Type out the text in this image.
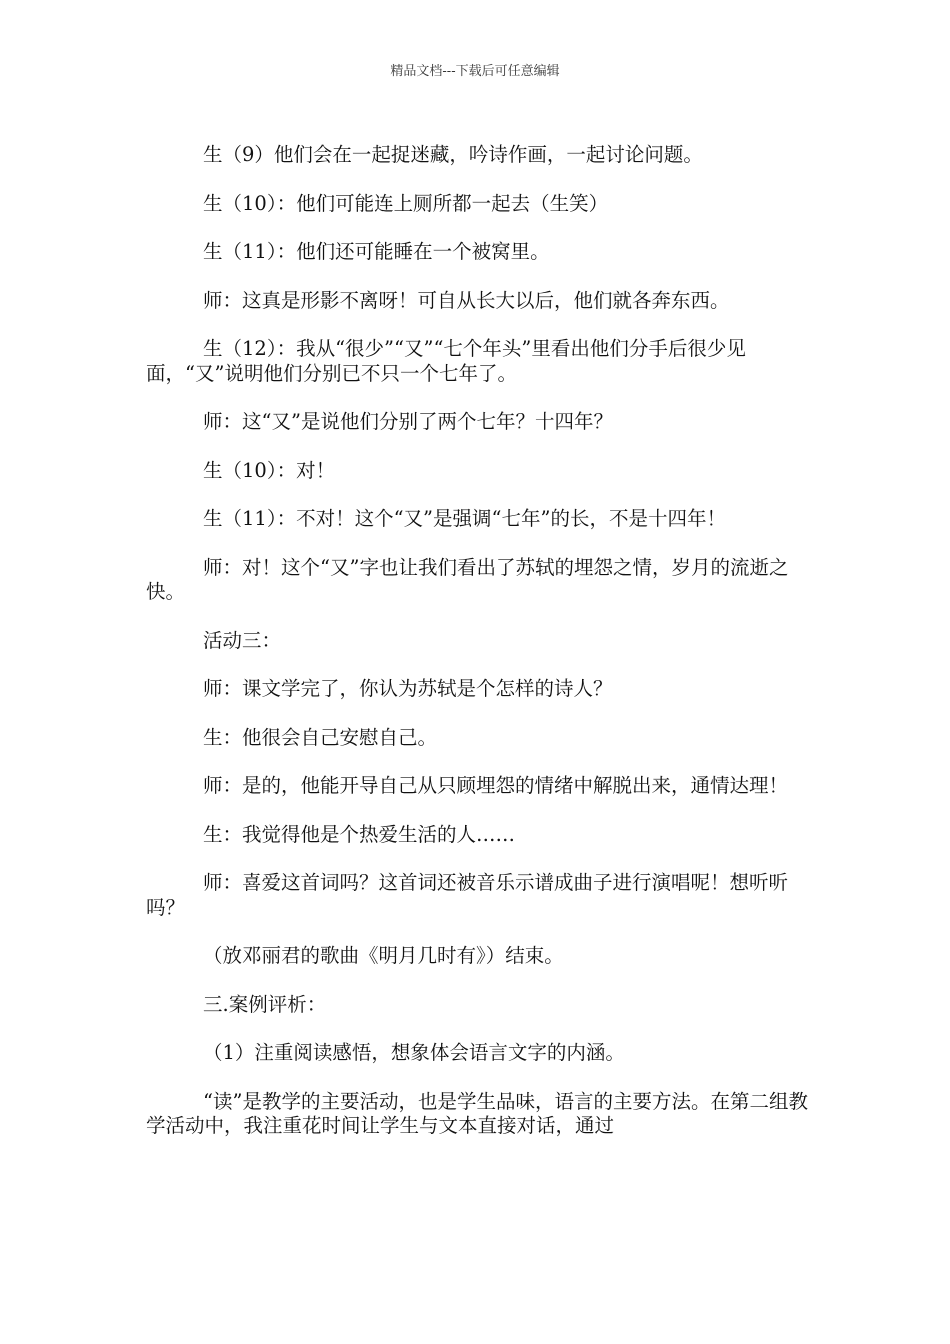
精品文档---下载后可任意编辑

生（9）他们会在一起捉迷藏，吟诗作画，一起讨论问题。

生（10）：他们可能连上厕所都一起去（生笑）

生（11）：他们还可能睡在一个被窝里。

师：这真是形影不离呀！可自从长大以后，他们就各奔东西。

生（12）：我从“很少”“又”“七个年头”里看出他们分手后很少见面，“又”说明他们分别已不只一个七年了。

师：这“又”是说他们分别了两个七年？十四年？

生（10）：对！

生（11）：不对！这个“又”是强调“七年”的长，不是十四年！

师：对！这个“又”字也让我们看出了苏轼的埋怨之情，岁月的流逝之快。

活动三：

师：课文学完了，你认为苏轼是个怎样的诗人？

生：他很会自己安慰自己。

师：是的，他能开导自己从只顾埋怨的情绪中解脱出来，通情达理！

生：我觉得他是个热爱生活的人……

师：喜爱这首词吗？这首词还被音乐示谱成曲子进行演唱呢！想听听吗？

（放邓丽君的歌曲《明月几时有》）结束。

三.案例评析：

（1）注重阅读感悟，想象体会语言文字的内涵。

“读”是教学的主要活动，也是学生品味，语言的主要方法。在第二组教学活动中，我注重花时间让学生与文本直接对话，通过
